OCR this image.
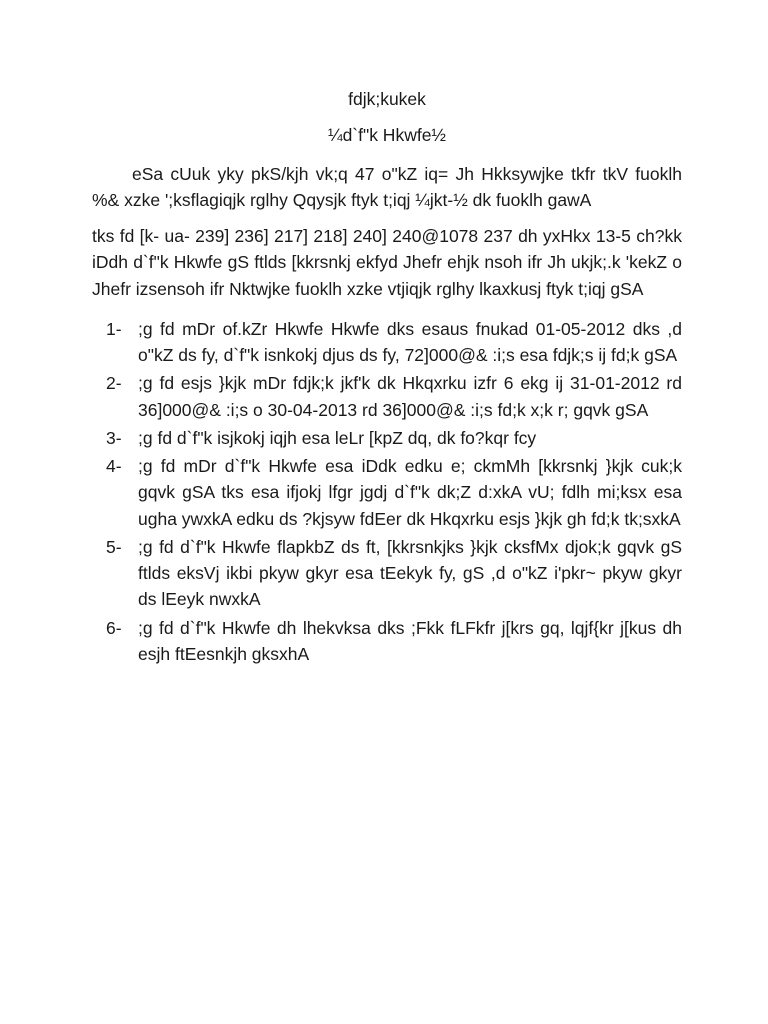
fdjk;kukek

¼d`f"k Hkwfe½

eSa cUuk yky pkS/kjh vk;q 47 o"kZ iq= Jh Hkksywjke tkfr tkV fuoklh %& xzke ';ksflagiqjk rglhy Qqysjk ftyk t;iqj ¼jkt-½ dk fuoklh gawA

tks fd [k- ua- 239] 236] 217] 218] 240] 240@1078 237 dh yxHkx 13-5 ch?kk iDdh d`f"k Hkwfe gS ftlds [kkrsnkj ekfyd Jhefr ehjk nsoh ifr Jh ukjk;.k 'kekZ o Jhefr izsensoh ifr Nktwjke fuoklh xzke vtjiqjk rglhy lkaxkusj ftyk t;iqj gSA

1- ;g fd mDr of.kZr Hkwfe Hkwfe dks esaus fnukad 01-05-2012 dks ,d o"kZ ds fy, d`f"k isnkokj djus ds fy, 72]000@& :i;s esa fdjk;s ij fd;k gSA
2- ;g fd esjs }kjk mDr fdjk;k jkf'k dk Hkqxrku izfr 6 ekg ij 31-01-2012 rd 36]000@& :i;s o 30-04-2013 rd 36]000@& :i;s fd;k x;k r; gqvk gSA
3- ;g fd d`f"k isjkokj iqjh esa leLr [kpZ dq, dk fo?kqr fcy
4- ;g fd mDr d`f"k Hkwfe esa iDdk edku e; ckmMh [kkrsnkj }kjk cuk;k gqvk gSA tks esa ifjokj lfgr jgdj d`f"k dk;Z d:xkA vU; fdlh mi;ksx esa ugha ywxkA edku ds ?kjsyw fdEer dk Hkqxrku esjs }kjk gh fd;k tk;sxkA
5- ;g fd d`f"k Hkwfe flapkbZ ds ft, [kkrsnkjks }kjk cksfMx djok;k gqvk gS ftlds eksVj ikbi pkyw gkyr esa tEekyk fy, gS ,d o"kZ i'pkr~ pkyw gkyr ds lEeyk nwxkA
6- ;g fd d`f"k Hkwfe dh lhekvksa dks ;Fkk fLFkfr j[krs gq, lqjf{kr j[kus dh esjh ftEesnkjh gksxhA
